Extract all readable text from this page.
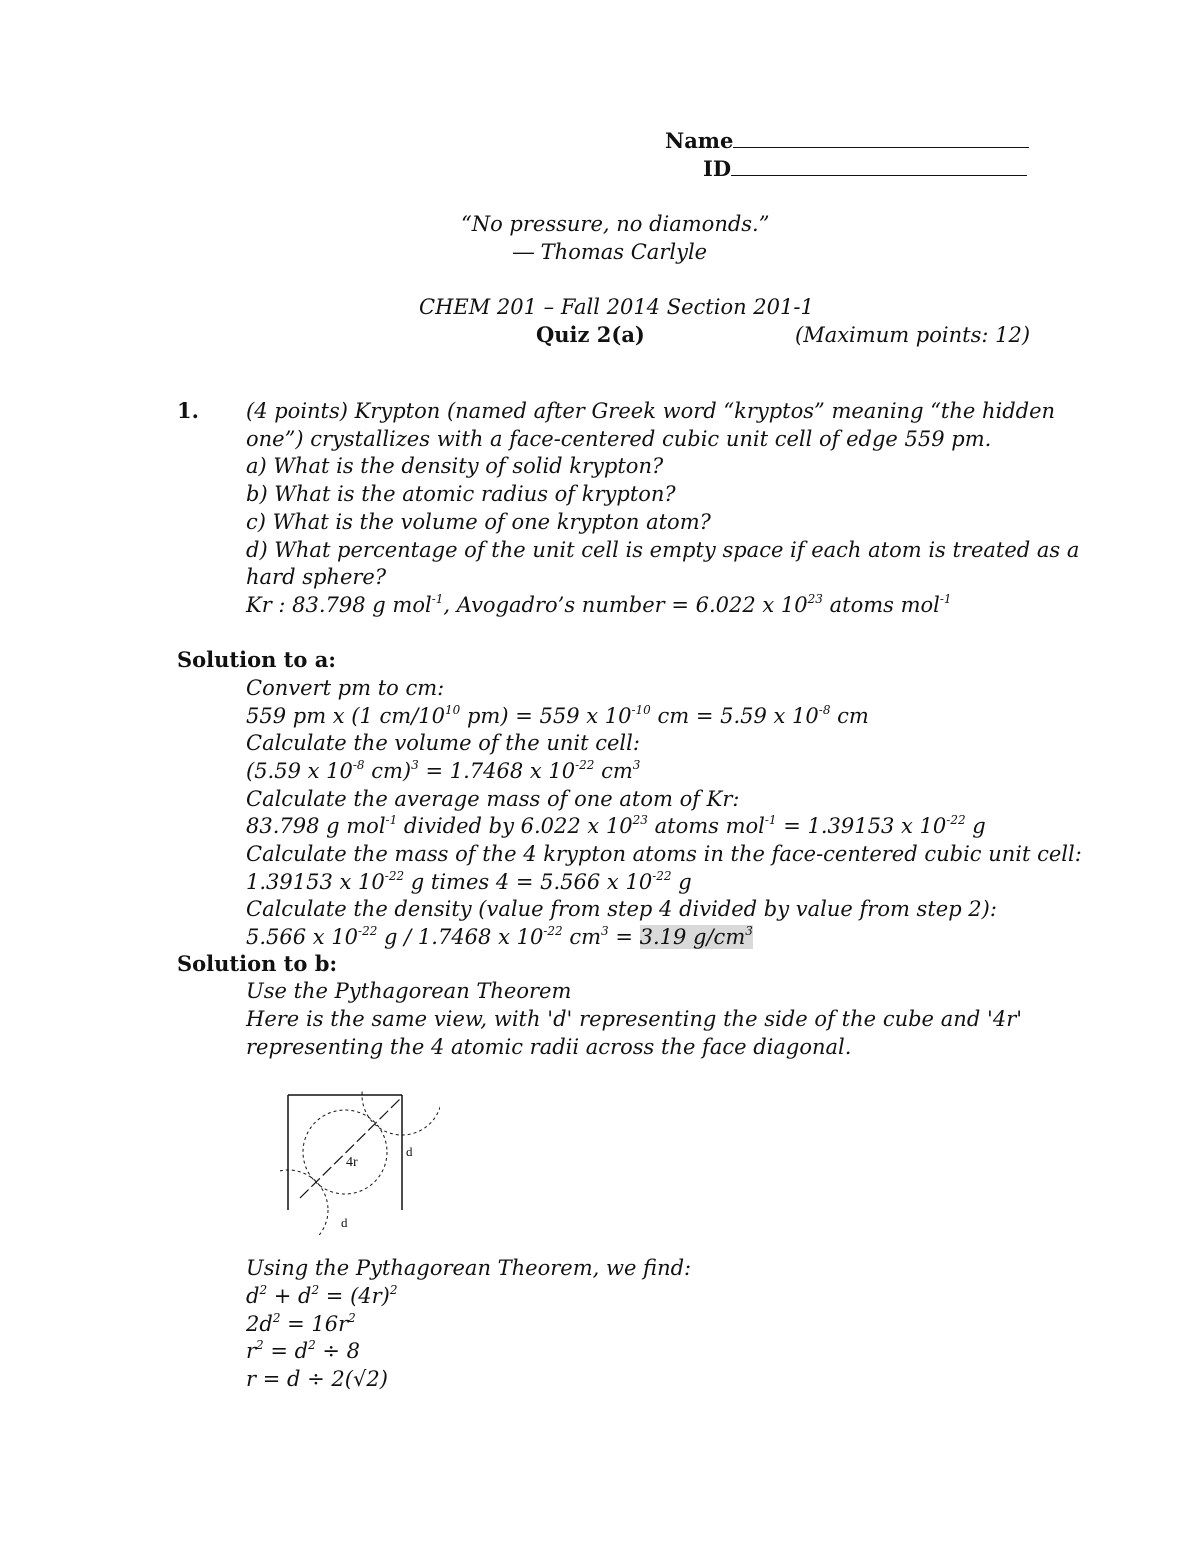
Name
ID
“No pressure, no diamonds.”
― Thomas Carlyle
CHEM 201 – Fall 2014 Section 201-1
Quiz 2(a)	(Maximum points: 12)
1. (4 points) Krypton (named after Greek word “kryptos” meaning “the hidden
one”) crystallizes with a face-centered cubic unit cell of edge 559 pm.
a) What is the density of solid krypton?
b) What is the atomic radius of krypton?
c) What is the volume of one krypton atom?
d) What percentage of the unit cell is empty space if each atom is treated as a
hard sphere?
Kr : 83.798 g mol$^{-1}$, Avogadro’s number = 6.022 x $10^{23}$ atoms mol$^{-1}$
Solution to a:
Convert pm to cm:
559 pm x (1 $cm/10^{10}$ pm) = 559 x $10^{-10}$ cm = 5.59 x $10^{-8}$ cm
Calculate the volume of the unit cell:
(5.59 x $10^{-8}$ cm)$^3$ = 1.7468 x $10^{-22}$ $cm^3$
Calculate the average mass of one atom of Kr:
83.798 g mol$^{-1}$ divided by 6.022 x $10^{23}$ atoms mol$^{-1}$ = 1.39153 x $10^{-22}$ g
Calculate the mass of the 4 krypton atoms in the face-centered cubic unit cell:
1.39153 x $10^{-22}$ g times 4 = 5.566 x $10^{-22}$ g
Calculate the density (value from step 4 divided by value from step 2):
5.566 x $10^{-22}$ g / 1.7468 x $10^{-22}$ $cm^3 = 3.19$ $g/cm^3$
Solution to b:
Use the Pythagorean Theorem
Here is the same view, with 'd' representing the side of the cube and '4r'
representing the 4 atomic radii across the face diagonal.
4r
d
d
Using the Pythagorean Theorem, we find:
$d^2 + d^2 = (4r)^2$
$2d^2 = 16r^2$
$r^2 = d^2 \div 8$
r = d ÷ 2(√2)
